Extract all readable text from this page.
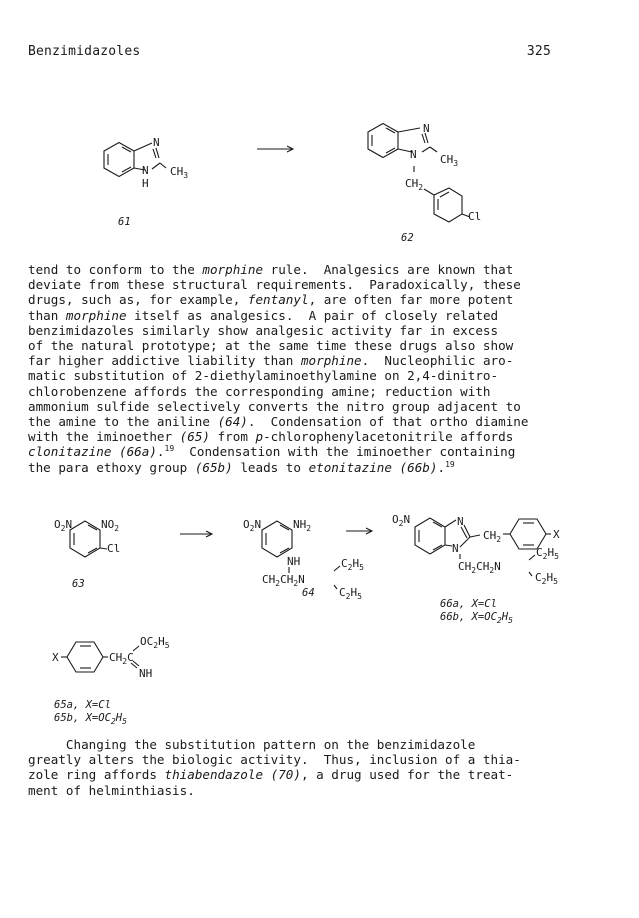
Benzimidazoles	325
N
N
H
$CH_3$
61
N
N $CH_3$
$CH_2$
Cl
62
tend to conform to the morphine rule.  Analgesics are known that
deviate from these structural requirements.  Paradoxically, these
drugs, such as, for example, fentanyl, are often far more potent
than morphine itself as analgesics.  A pair of closely related
benzimidazoles similarly show analgesic activity far in excess
of the natural prototype; at the same time these drugs also show
far higher addictive liability than morphine.  Nucleophilic aro-
matic substitution of 2-diethylaminoethylamine on 2,4-dinitro-
chlorobenzene affords the corresponding amine; reduction with
ammonium sulfide selectively converts the nitro group adjacent to
the amine to the aniline (64).  Condensation of that ortho diamine
with the iminoether (65) from p-chlorophenylacetonitrile affords
clonitazine (66a).$^{19}$  Condensation with the iminoether containing
the para ethoxy group (65b) leads to etonitazine (66b).$^{19}$
$O_2N$	$NO_2$
Cl
63
$O_2N$	$NH_2$
NH
$CH_2CH_2N$
$C_2H_5$
$C_2H_5$
64
$O_2N$	N
N
$CH_2$	X
$CH_2CH_2N$
$C_2H_5$
$C_2H_5$
66a, X=Cl
66b, $X=OC_2H_5$
X	$CH_2C$
$OC_2H_5$
NH
65a, X=Cl
65b, $X=OC_2H_5$
Changing the substitution pattern on the benzimidazole
greatly alters the biologic activity.  Thus, inclusion of a thia-
zole ring affords thiabendazole (70), a drug used for the treat-
ment of helminthiasis.
